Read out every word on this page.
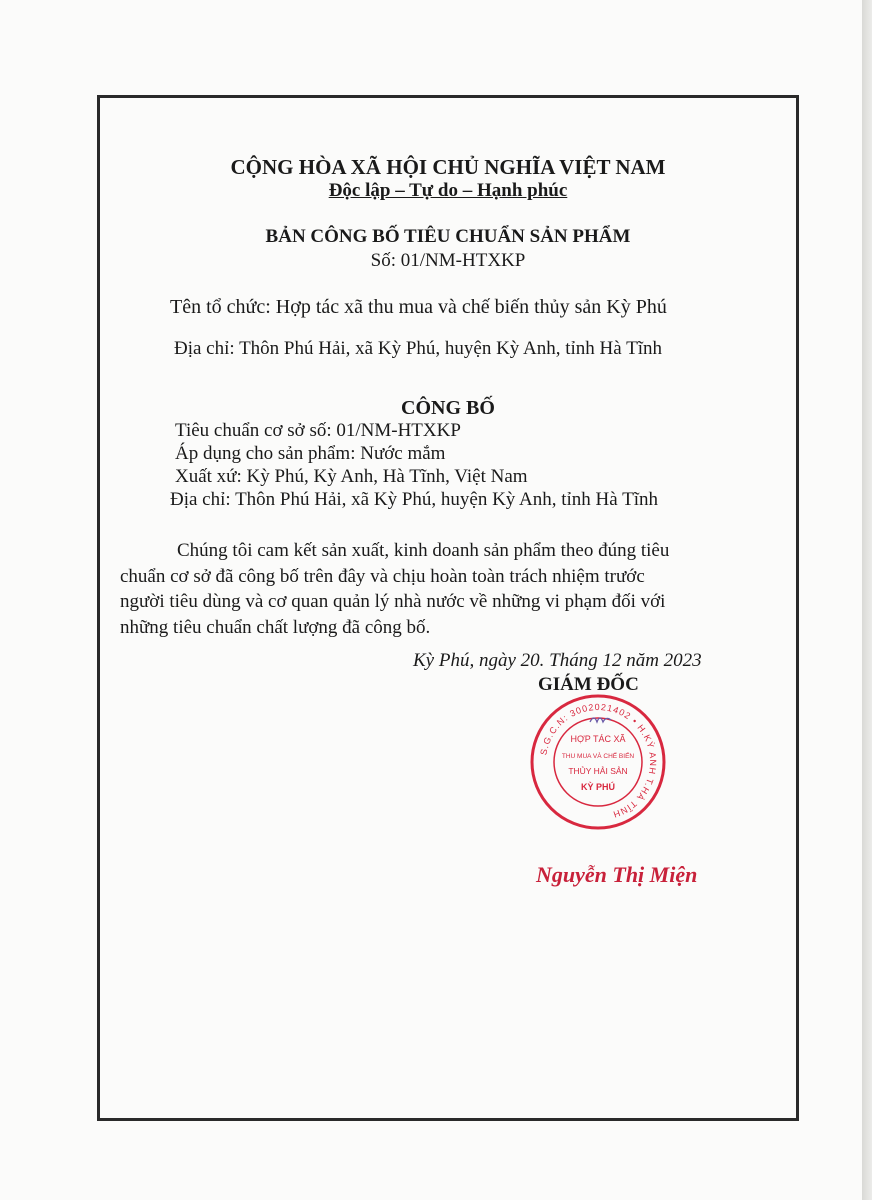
CỘNG HÒA XÃ HỘI CHỦ NGHĨA VIỆT NAM
Độc lập – Tự do – Hạnh phúc
BẢN CÔNG BỐ TIÊU CHUẨN SẢN PHẨM
Số: 01/NM-HTXKP
Tên tổ chức: Hợp tác xã thu mua và chế biến thủy sản Kỳ Phú
Địa chỉ: Thôn Phú Hải, xã Kỳ Phú, huyện Kỳ Anh, tỉnh Hà Tĩnh
CÔNG BỐ
Tiêu chuẩn cơ sở số: 01/NM-HTXKP
Áp dụng cho sản phẩm: Nước mắm
Xuất xứ: Kỳ Phú, Kỳ Anh, Hà Tĩnh, Việt Nam
Địa chỉ: Thôn Phú Hải, xã Kỳ Phú, huyện Kỳ Anh, tỉnh Hà Tĩnh
Chúng tôi cam kết sản xuất, kinh doanh sản phẩm theo đúng tiêu
chuẩn cơ sở đã công bố trên đây và chịu hoàn toàn trách nhiệm trước
người tiêu dùng và cơ quan quản lý nhà nước về những vi phạm đối với
những tiêu chuẩn chất lượng đã công bố.
Kỳ Phú, ngày 20. Tháng 12 năm 2023
GIÁM ĐỐC
S.G.C.N: 3002021402 • H.KỲ ANH T.HÀ TĨNH
HỢP TÁC XÃ
THU MUA VÀ CHẾ BIẾN
THỦY HẢI SẢN
KỲ PHÚ
Nguyễn Thị Miện
